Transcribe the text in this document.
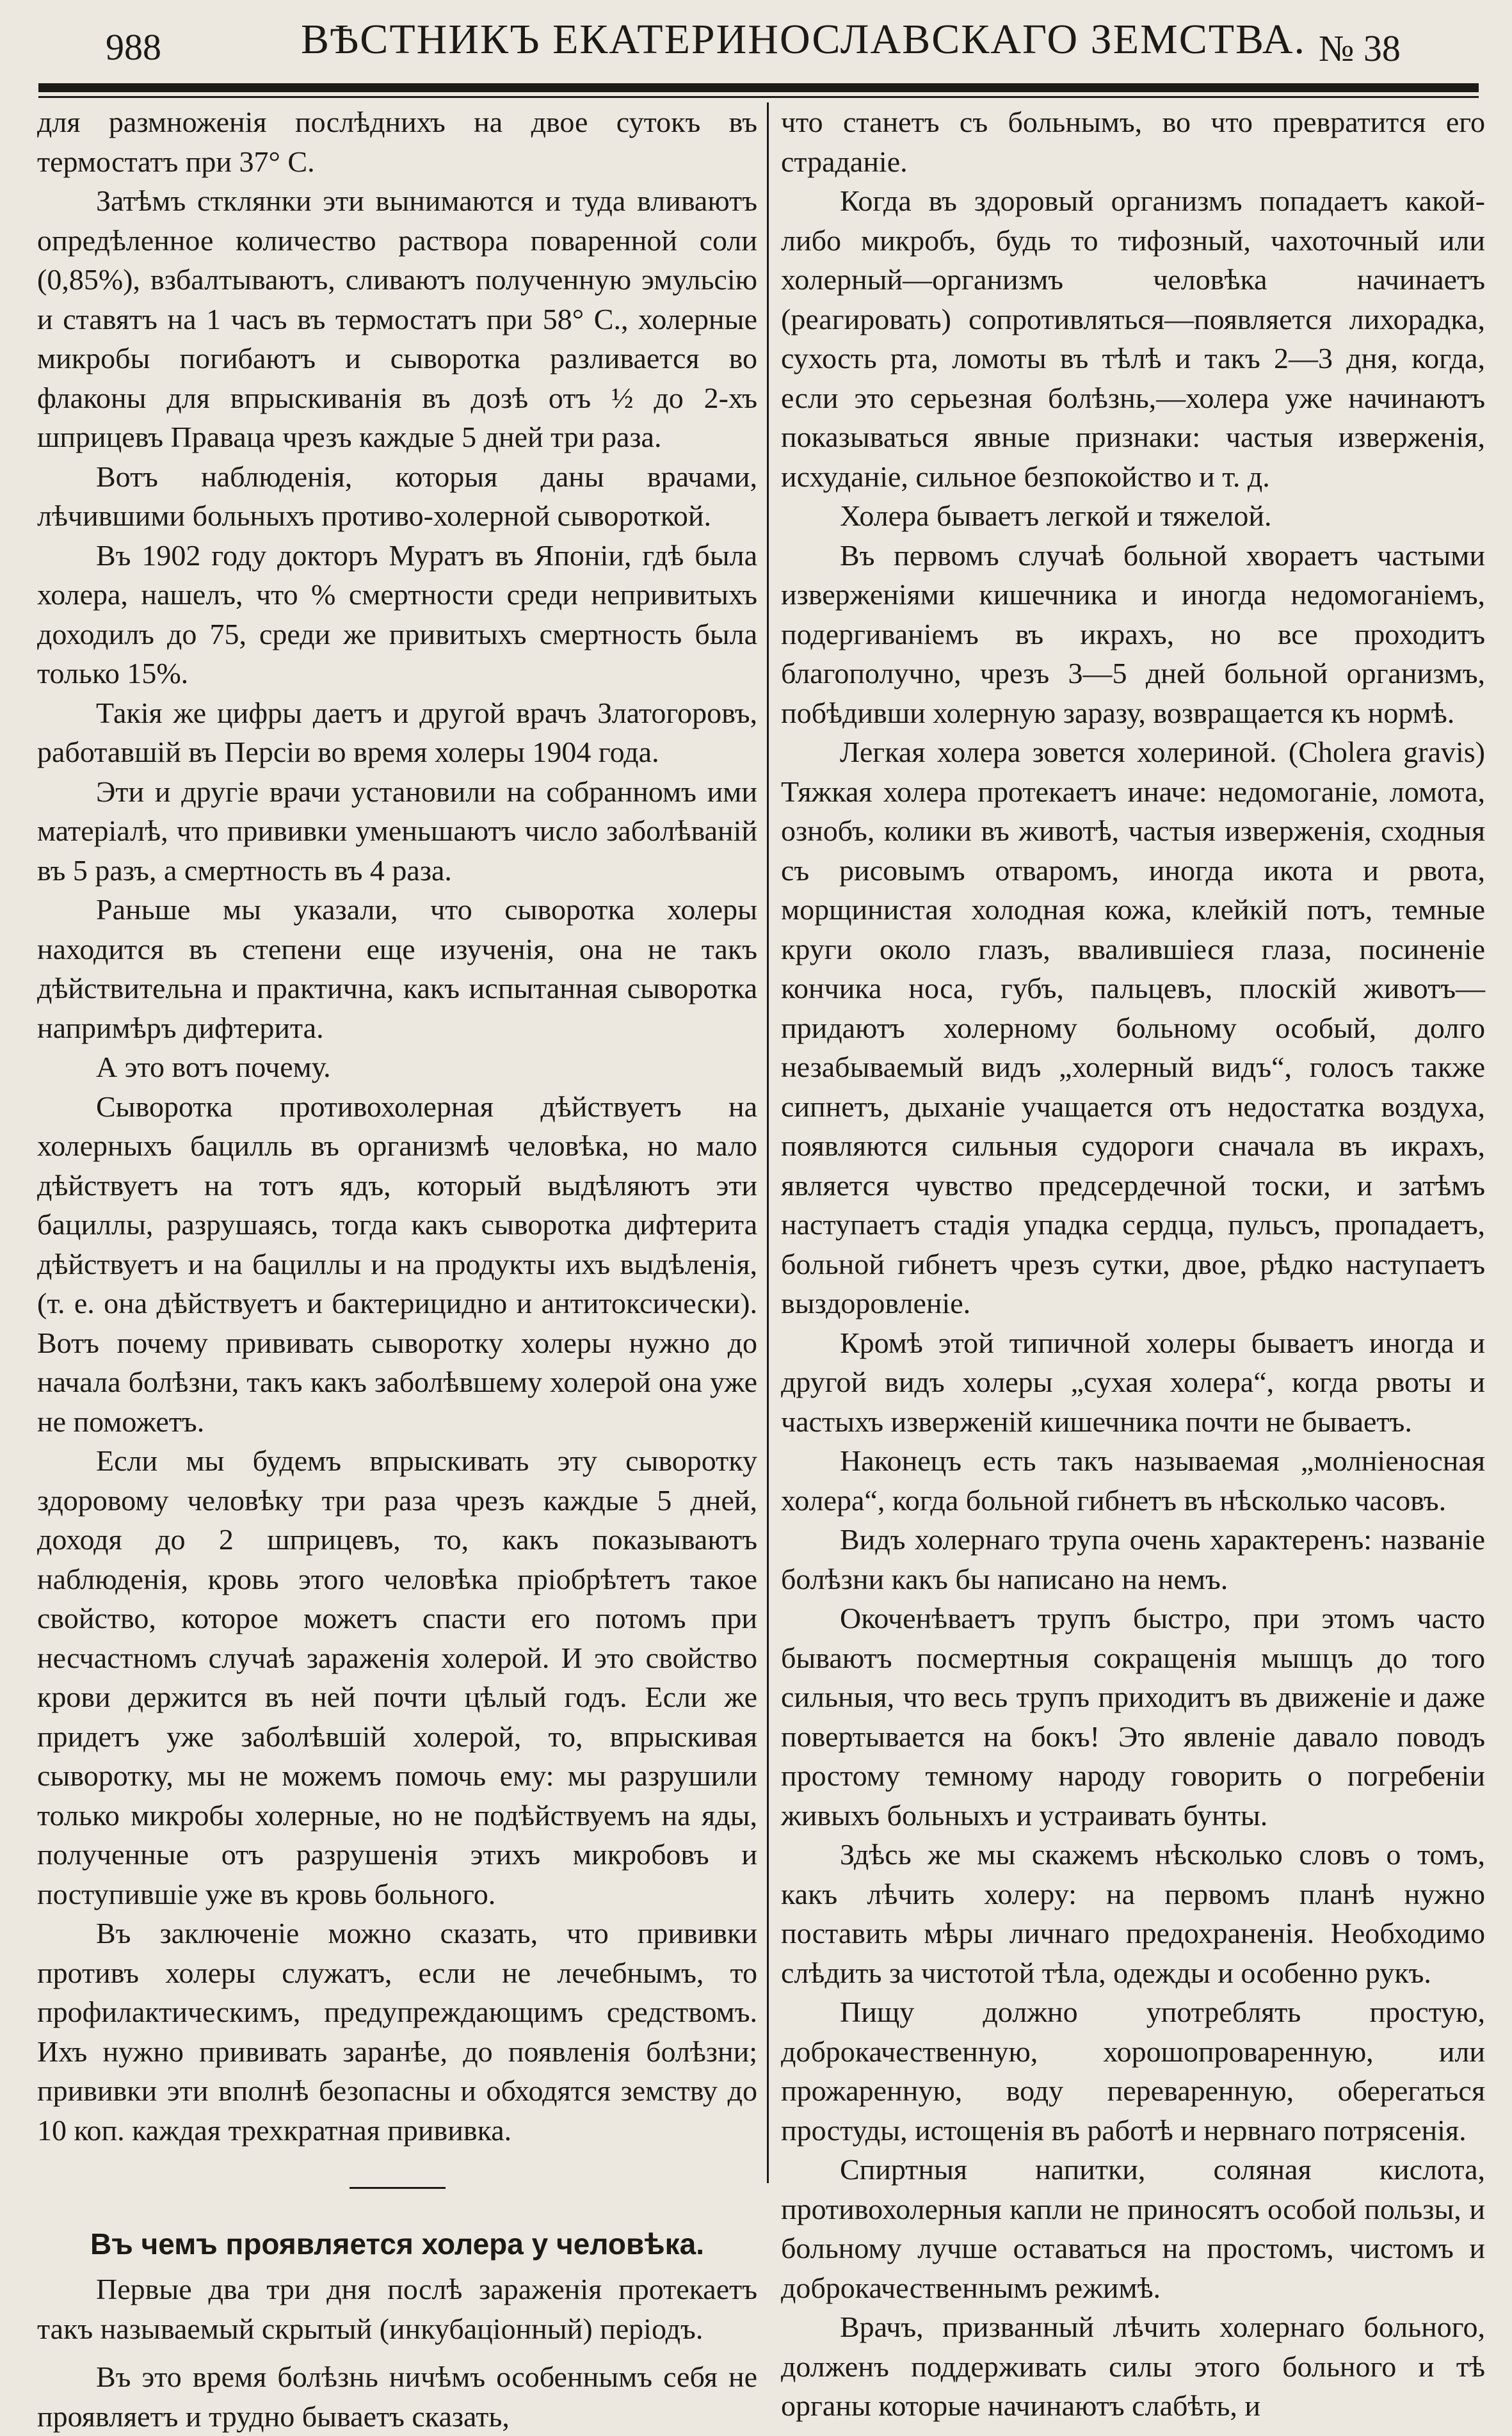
988	ВѢСТНИКЪ ЕКАТЕРИНОСЛАВСКАГО ЗЕМСТВА. № 38

для размноженія послѣднихъ на двое сутокъ въ термостатъ при 37° С.

Затѣмъ стклянки эти вынимаются и туда вливаютъ опредѣленное количество раствора поваренной соли (0,85%), взбалтываютъ, сливаютъ полученную эмульсію и ставятъ на 1 часъ въ термостатъ при 58° С., холерные микробы погибаютъ и сыворотка разливается во флаконы для впрыскиванія въ дозѣ отъ ½ до 2-хъ шприцевъ Праваца чрезъ каждые 5 дней три раза.

Вотъ наблюденія, которыя даны врачами, лѣчившими больныхъ противо-холерной сывороткой.

Въ 1902 году докторъ Муратъ въ Японіи, гдѣ была холера, нашелъ, что % смертности среди непривитыхъ доходилъ до 75, среди же привитыхъ смертность была только 15%.

Такія же цифры даетъ и другой врачъ Златогоровъ, работавшій въ Персіи во время холеры 1904 года.

Эти и другіе врачи установили на собранномъ ими матеріалѣ, что прививки уменьшаютъ число заболѣваній въ 5 разъ, а смертность въ 4 раза.

Раньше мы указали, что сыворотка холеры находится въ степени еще изученія, она не такъ дѣйствительна и практична, какъ испытанная сыворотка напримѣръ дифтерита.

А это вотъ почему.

Сыворотка противохолерная дѣйствуетъ на холерныхъ бацилль въ организмѣ человѣка, но мало дѣйствуетъ на тотъ ядъ, который выдѣляютъ эти бациллы, разрушаясь, тогда какъ сыворотка дифтерита дѣйствуетъ и на бациллы и на продукты ихъ выдѣленія, (т. е. она дѣйствуетъ и бактерицидно и антитоксически). Вотъ почему прививать сыворотку холеры нужно до начала болѣзни, такъ какъ заболѣвшему холерой она уже не поможетъ.

Если мы будемъ впрыскивать эту сыворотку здоровому человѣку три раза чрезъ каждые 5 дней, доходя до 2 шприцевъ, то, какъ показываютъ наблюденія, кровь этого человѣка пріобрѣтетъ такое свойство, которое можетъ спасти его потомъ при несчастномъ случаѣ зараженія холерой. И это свойство крови держится въ ней почти цѣлый годъ. Если же придетъ уже заболѣвшій холерой, то, впрыскивая сыворотку, мы не можемъ помочь ему: мы разрушили только микробы холерные, но не подѣйствуемъ на яды, полученные отъ разрушенія этихъ микробовъ и поступившіе уже въ кровь больного.

Въ заключеніе можно сказать, что прививки противъ холеры служатъ, если не лечебнымъ, то профилактическимъ, предупреждающимъ средствомъ. Ихъ нужно прививать заранѣе, до появленія болѣзни; прививки эти вполнѣ безопасны и обходятся земству до 10 коп. каждая трехкратная прививка.

Въ чемъ проявляется холера у человѣка.

Первые два три дня послѣ зараженія протекаетъ такъ называемый скрытый (инкубаціонный) періодъ.

Въ это время болѣзнь ничѣмъ особеннымъ себя не проявляетъ и трудно бываетъ сказать,

что станетъ съ больнымъ, во что превратится его страданіе.

Когда въ здоровый организмъ попадаетъ какой-либо микробъ, будь то тифозный, чахоточный или холерный—организмъ человѣка начинаетъ (реагировать) сопротивляться—появляется лихорадка, сухость рта, ломоты въ тѣлѣ и такъ 2—3 дня, когда, если это серьезная болѣзнь,—холера уже начинаютъ показываться явные признаки: частыя изверженія, исхуданіе, сильное безпокойство и т. д.

Холера бываетъ легкой и тяжелой.

Въ первомъ случаѣ больной хвораетъ частыми изверженіями кишечника и иногда недомоганіемъ, подергиваніемъ въ икрахъ, но все проходитъ благополучно, чрезъ 3—5 дней больной организмъ, побѣдивши холерную заразу, возвращается къ нормѣ.

Легкая холера зовется холериной. (Cholera gravis) Тяжкая холера протекаетъ иначе: недомоганіе, ломота, ознобъ, колики въ животѣ, частыя изверженія, сходныя съ рисовымъ отваромъ, иногда икота и рвота, морщинистая холодная кожа, клейкій потъ, темные круги около глазъ, ввалившіеся глаза, посиненіе кончика носа, губъ, пальцевъ, плоскій животъ—придаютъ холерному больному особый, долго незабываемый видъ „холерный видъ“, голосъ также сипнетъ, дыханіе учащается отъ недостатка воздуха, появляются сильныя судороги сначала въ икрахъ, является чувство предсердечной тоски, и затѣмъ наступаетъ стадія упадка сердца, пульсъ, пропадаетъ, больной гибнетъ чрезъ сутки, двое, рѣдко наступаетъ выздоровленіе.

Кромѣ этой типичной холеры бываетъ иногда и другой видъ холеры „сухая холера“, когда рвоты и частыхъ изверженій кишечника почти не бываетъ.

Наконецъ есть такъ называемая „молніеносная холера“, когда больной гибнетъ въ нѣсколько часовъ.

Видъ холернаго трупа очень характеренъ: названіе болѣзни какъ бы написано на немъ.

Окоченѣваетъ трупъ быстро, при этомъ часто бываютъ посмертныя сокращенія мышцъ до того сильныя, что весь трупъ приходитъ въ движеніе и даже повертывается на бокъ! Это явленіе давало поводъ простому темному народу говорить о погребеніи живыхъ больныхъ и устраивать бунты.

Здѣсь же мы скажемъ нѣсколько словъ о томъ, какъ лѣчить холеру: на первомъ планѣ нужно поставить мѣры личнаго предохраненія. Необходимо слѣдить за чистотой тѣла, одежды и особенно рукъ.

Пищу должно употреблять простую, доброкачественную, хорошопроваренную, или прожаренную, воду переваренную, оберегаться простуды, истощенія въ работѣ и нервнаго потрясенія.

Спиртныя напитки, соляная кислота, противохолерныя капли не приносятъ особой пользы, и больному лучше оставаться на простомъ, чистомъ и доброкачественнымъ режимѣ.

Врачъ, призванный лѣчить холернаго больного, долженъ поддерживать силы этого больного и тѣ органы которые начинаютъ слабѣть, и
